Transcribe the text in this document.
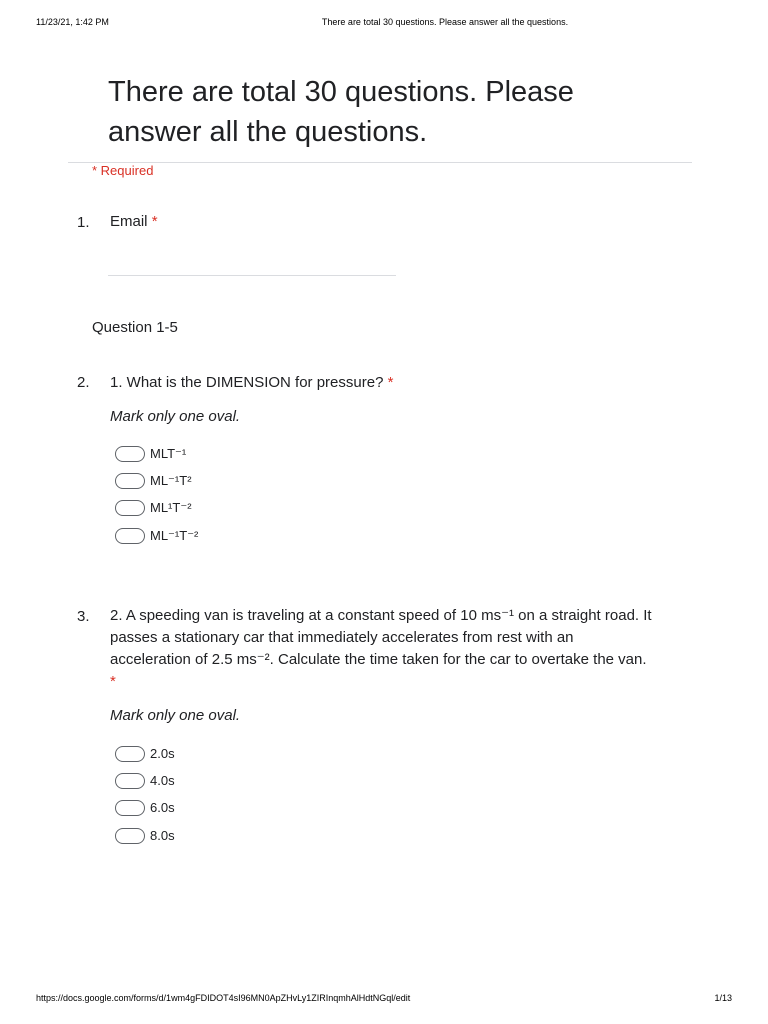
11/23/21, 1:42 PM	There are total 30 questions. Please answer all the questions.
There are total 30 questions. Please answer all the questions.
* Required
1. Email *
Question 1-5
2. 1. What is the DIMENSION for pressure? *
Mark only one oval.
MLT⁻¹
ML⁻¹T²
ML¹T⁻²
ML⁻¹T⁻²
3. 2. A speeding van is traveling at a constant speed of 10 ms⁻¹ on a straight road. It
passes a stationary car that immediately accelerates from rest with an
acceleration of 2.5 ms⁻². Calculate the time taken for the car to overtake the van.
*
Mark only one oval.
2.0s
4.0s
6.0s
8.0s
https://docs.google.com/forms/d/1wm4gFDIDOT4sI96MN0ApZHvLy1ZIRInqmhAlHdtNGql/edit	1/13
